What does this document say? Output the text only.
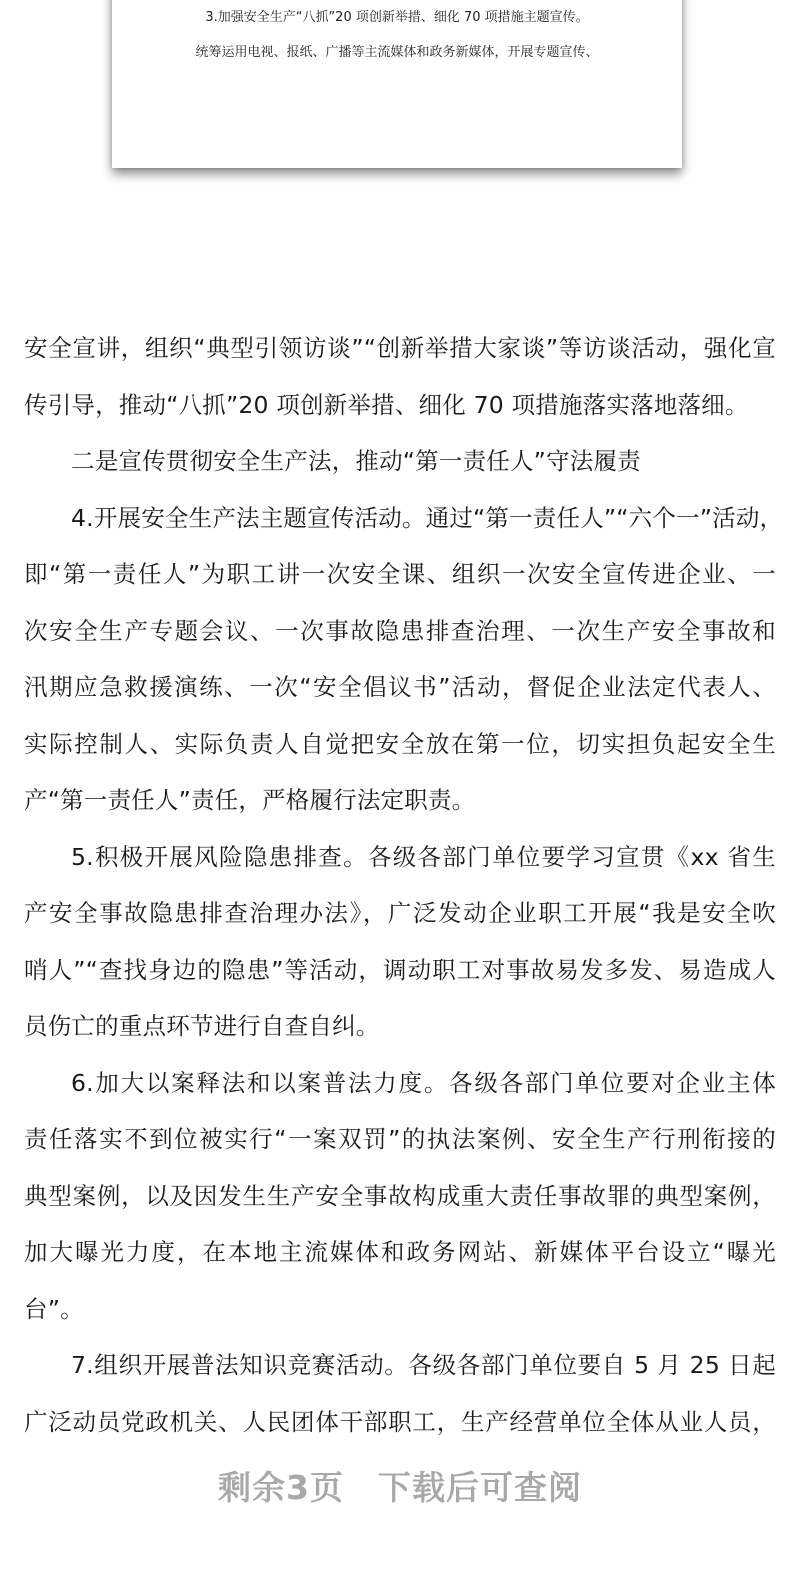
3.加强安全生产“八抓”20 项创新举措、细化 70 项措施主题宣传。
统筹运用电视、报纸、广播等主流媒体和政务新媒体，开展专题宣传、
安全宣讲，组织“典型引领访谈”“创新举措大家谈”等访谈活动，强化宣
传引导，推动“八抓”20 项创新举措、细化 70 项措施落实落地落细。
二是宣传贯彻安全生产法，推动“第一责任人”守法履责
4.开展安全生产法主题宣传活动。通过“第一责任人”“六个一”活动，
即“第一责任人”为职工讲一次安全课、组织一次安全宣传进企业、一
次安全生产专题会议、一次事故隐患排查治理、一次生产安全事故和
汛期应急救援演练、一次“安全倡议书”活动，督促企业法定代表人、
实际控制人、实际负责人自觉把安全放在第一位，切实担负起安全生
产“第一责任人”责任，严格履行法定职责。
5.积极开展风险隐患排查。各级各部门单位要学习宣贯《xx 省生
产安全事故隐患排查治理办法》，广泛发动企业职工开展“我是安全吹
哨人”“查找身边的隐患”等活动，调动职工对事故易发多发、易造成人
员伤亡的重点环节进行自查自纠。
6.加大以案释法和以案普法力度。各级各部门单位要对企业主体
责任落实不到位被实行“一案双罚”的执法案例、安全生产行刑衔接的
典型案例，以及因发生生产安全事故构成重大责任事故罪的典型案例，
加大曝光力度，在本地主流媒体和政务网站、新媒体平台设立“曝光
台”。
7.组织开展普法知识竞赛活动。各级各部门单位要自 5 月 25 日起
广泛动员党政机关、人民团体干部职工，生产经营单位全体从业人员，
剩余3页　下载后可查阅
